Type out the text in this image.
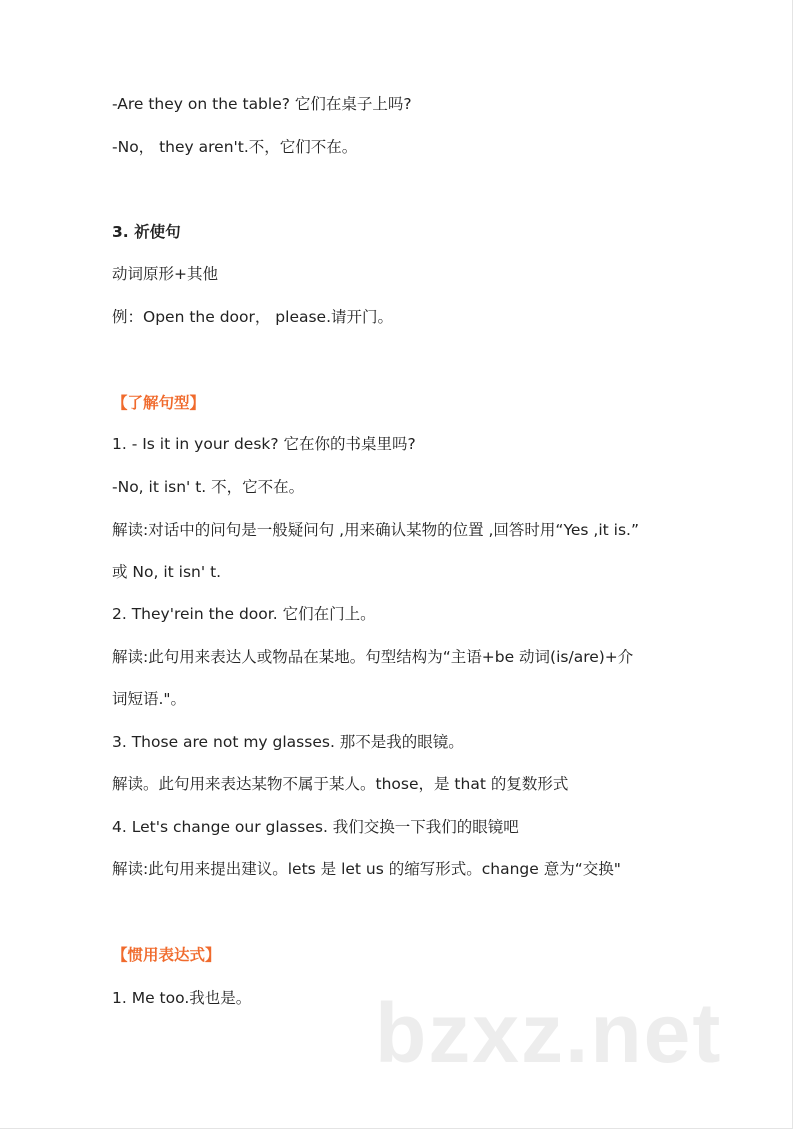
-Are they on the table? 它们在桌子上吗?
-No， they aren't.不，它们不在。
3. 祈使句
动词原形+其他
例：Open the door， please.请开门。
【了解句型】
1. - Is it in your desk? 它在你的书桌里吗?
-No, it isn' t. 不，它不在。
解读:对话中的问句是一般疑问句 ,用来确认某物的位置 ,回答时用“Yes ,it is.”
或 No, it isn' t.
2. They'rein the door. 它们在门上。
解读:此句用来表达人或物品在某地。句型结构为“主语+be 动词(is/are)+介
词短语."。
3. Those are not my glasses. 那不是我的眼镜。
解读。此句用来表达某物不属于某人。those，是 that 的复数形式
4. Let's change our glasses. 我们交换一下我们的眼镜吧
解读:此句用来提出建议。lets 是 let us 的缩写形式。change 意为“交换"
【惯用表达式】
1. Me too.我也是。 bzxz.net
